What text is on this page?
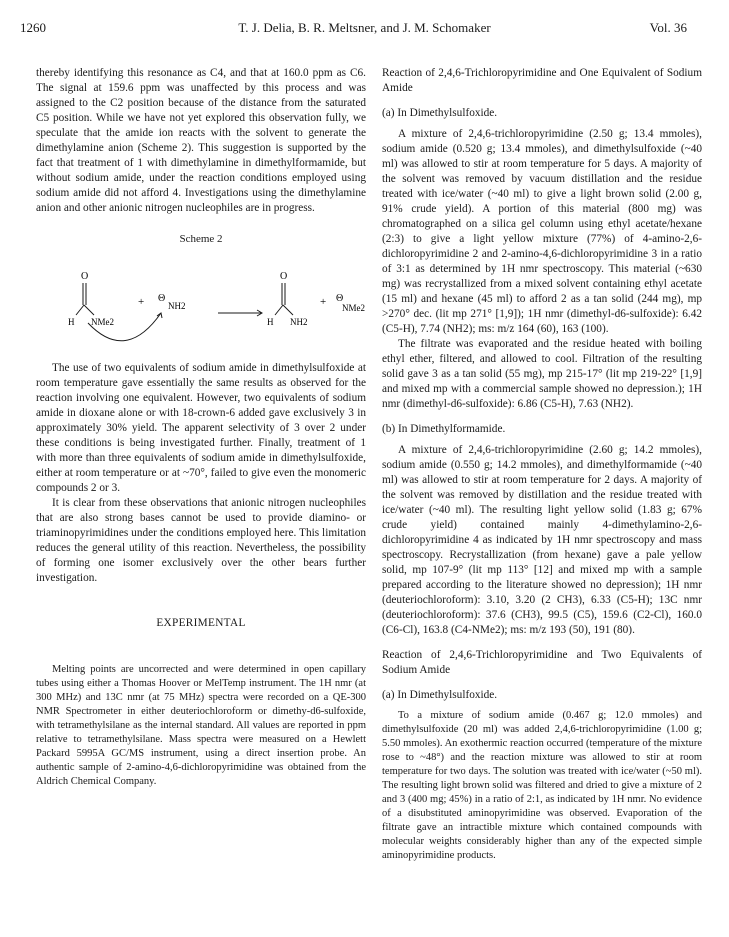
1260	T. J. Delia, B. R. Meltsner, and J. M. Schomaker	Vol. 36

thereby identifying this resonance as C4, and that at 160.0 ppm as C6. The signal at 159.6 ppm was unaffected by this process and was assigned to the C2 position because of the distance from the saturated C5 position. While we have not yet explored this observation fully, we speculate that the amide ion reacts with the solvent to generate the dimethylamine anion (Scheme 2). This suggestion is supported by the fact that treatment of 1 with dimethylamine in dimethylformamide, but without sodium amide, under the reaction conditions employed using sodium amide did not afford 4. Investigations using the dimethylamine anion and other anionic nitrogen nucleophiles are in progress.

Scheme 2
O
H NMe2
+ Θ
NH2
O
H NH2
+ Θ
NMe2

The use of two equivalents of sodium amide in dimethylsulfoxide at room temperature gave essentially the same results as observed for the reaction involving one equivalent. However, two equivalents of sodium amide in dioxane alone or with 18-crown-6 added gave exclusively 3 in approximately 30% yield. The apparent selectivity of 3 over 2 under these conditions is being investigated further. Finally, treatment of 1 with more than three equivalents of sodium amide in dimethylsulfoxide, either at room temperature or at ~70°, failed to give even the monomeric compounds 2 or 3.

It is clear from these observations that anionic nitrogen nucleophiles that are also strong bases cannot be used to provide diamino- or triaminopyrimidines under the conditions employed here. This limitation reduces the general utility of this reaction. Nevertheless, the possibility of forming one isomer exclusively over the other bears further investigation.

EXPERIMENTAL

Melting points are uncorrected and were determined in open capillary tubes using either a Thomas Hoover or MelTemp instrument. The 1H nmr (at 300 MHz) and 13C nmr (at 75 MHz) spectra were recorded on a QE-300 NMR Spectrometer in either deuteriochloroform or dimethy-d6-sulfoxide, with tetramethylsilane as the internal standard. All values are reported in ppm relative to tetramethylsilane. Mass spectra were measured on a Hewlett Packard 5995A GC/MS instrument, using a direct insertion probe. An authentic sample of 2-amino-4,6-dichloropyrimidine was obtained from the Aldrich Chemical Company.

Reaction of 2,4,6-Trichloropyrimidine and One Equivalent of Sodium Amide

(a) In Dimethylsulfoxide.

A mixture of 2,4,6-trichloropyrimidine (2.50 g; 13.4 mmoles), sodium amide (0.520 g; 13.4 mmoles), and dimethylsulfoxide (~40 ml) was allowed to stir at room temperature for 5 days. A majority of the solvent was removed by vacuum distillation and the residue treated with ice/water (~40 ml) to give a light brown solid (2.00 g, 91% crude yield). A portion of this material (800 mg) was chromatographed on a silica gel column using ethyl acetate/hexane (2:3) to give a light yellow mixture (77%) of 4-amino-2,6-dichloropyrimidine 2 and 2-amino-4,6-dichloropyrimidine 3 in a ratio of 3:1 as determined by 1H nmr spectroscopy. This material (~630 mg) was recrystallized from a mixed solvent containing ethyl acetate (15 ml) and hexane (45 ml) to afford 2 as a tan solid (244 mg), mp >270° dec. (lit mp 271° [1,9]); 1H nmr (dimethyl-d6-sulfoxide): 6.42 (C5-H), 7.74 (NH2); ms: m/z 164 (60), 163 (100).

The filtrate was evaporated and the residue heated with boiling ethyl ether, filtered, and allowed to cool. Filtration of the resulting solid gave 3 as a tan solid (55 mg), mp 215-17° (lit mp 219-22° [1,9] and mixed mp with a commercial sample showed no depression.); 1H nmr (dimethyl-d6-sulfoxide): 6.86 (C5-H), 7.63 (NH2).

(b) In Dimethylformamide.

A mixture of 2,4,6-trichloropyrimidine (2.60 g; 14.2 mmoles), sodium amide (0.550 g; 14.2 mmoles), and dimethylformamide (~40 ml) was allowed to stir at room temperature for 2 days. A majority of the solvent was removed by distillation and the residue treated with ice/water (~40 ml). The resulting light yellow solid (1.83 g; 67% crude yield) contained mainly 4-dimethylamino-2,6-dichloropyrimidine 4 as indicated by 1H nmr spectroscopy and mass spectroscopy. Recrystallization (from hexane) gave a pale yellow solid, mp 107-9° (lit mp 113° [12] and mixed mp with a sample prepared according to the literature showed no depression); 1H nmr (deuteriochloroform): 3.10, 3.20 (2 CH3), 6.33 (C5-H); 13C nmr (deuteriochloroform): 37.6 (CH3), 99.5 (C5), 159.6 (C2-Cl), 160.0 (C6-Cl), 163.8 (C4-NMe2); ms: m/z 193 (50), 191 (80).

Reaction of 2,4,6-Trichloropyrimidine and Two Equivalents of Sodium Amide

(a) In Dimethylsulfoxide.

To a mixture of sodium amide (0.467 g; 12.0 mmoles) and dimethylsulfoxide (20 ml) was added 2,4,6-trichloropyrimidine (1.00 g; 5.50 mmoles). An exothermic reaction occurred (temperature of the mixture rose to ~48°) and the reaction mixture was allowed to stir at room temperature for two days. The solution was treated with ice/water (~50 ml). The resulting light brown solid was filtered and dried to give a mixture of 2 and 3 (400 mg; 45%) in a ratio of 2:1, as indicated by 1H nmr. No evidence of a disubstituted aminopyrimidine was observed. Evaporation of the filtrate gave an intractible mixture which contained compounds with molecular weights considerably higher than any of the expected simple aminopyrimidine products.
